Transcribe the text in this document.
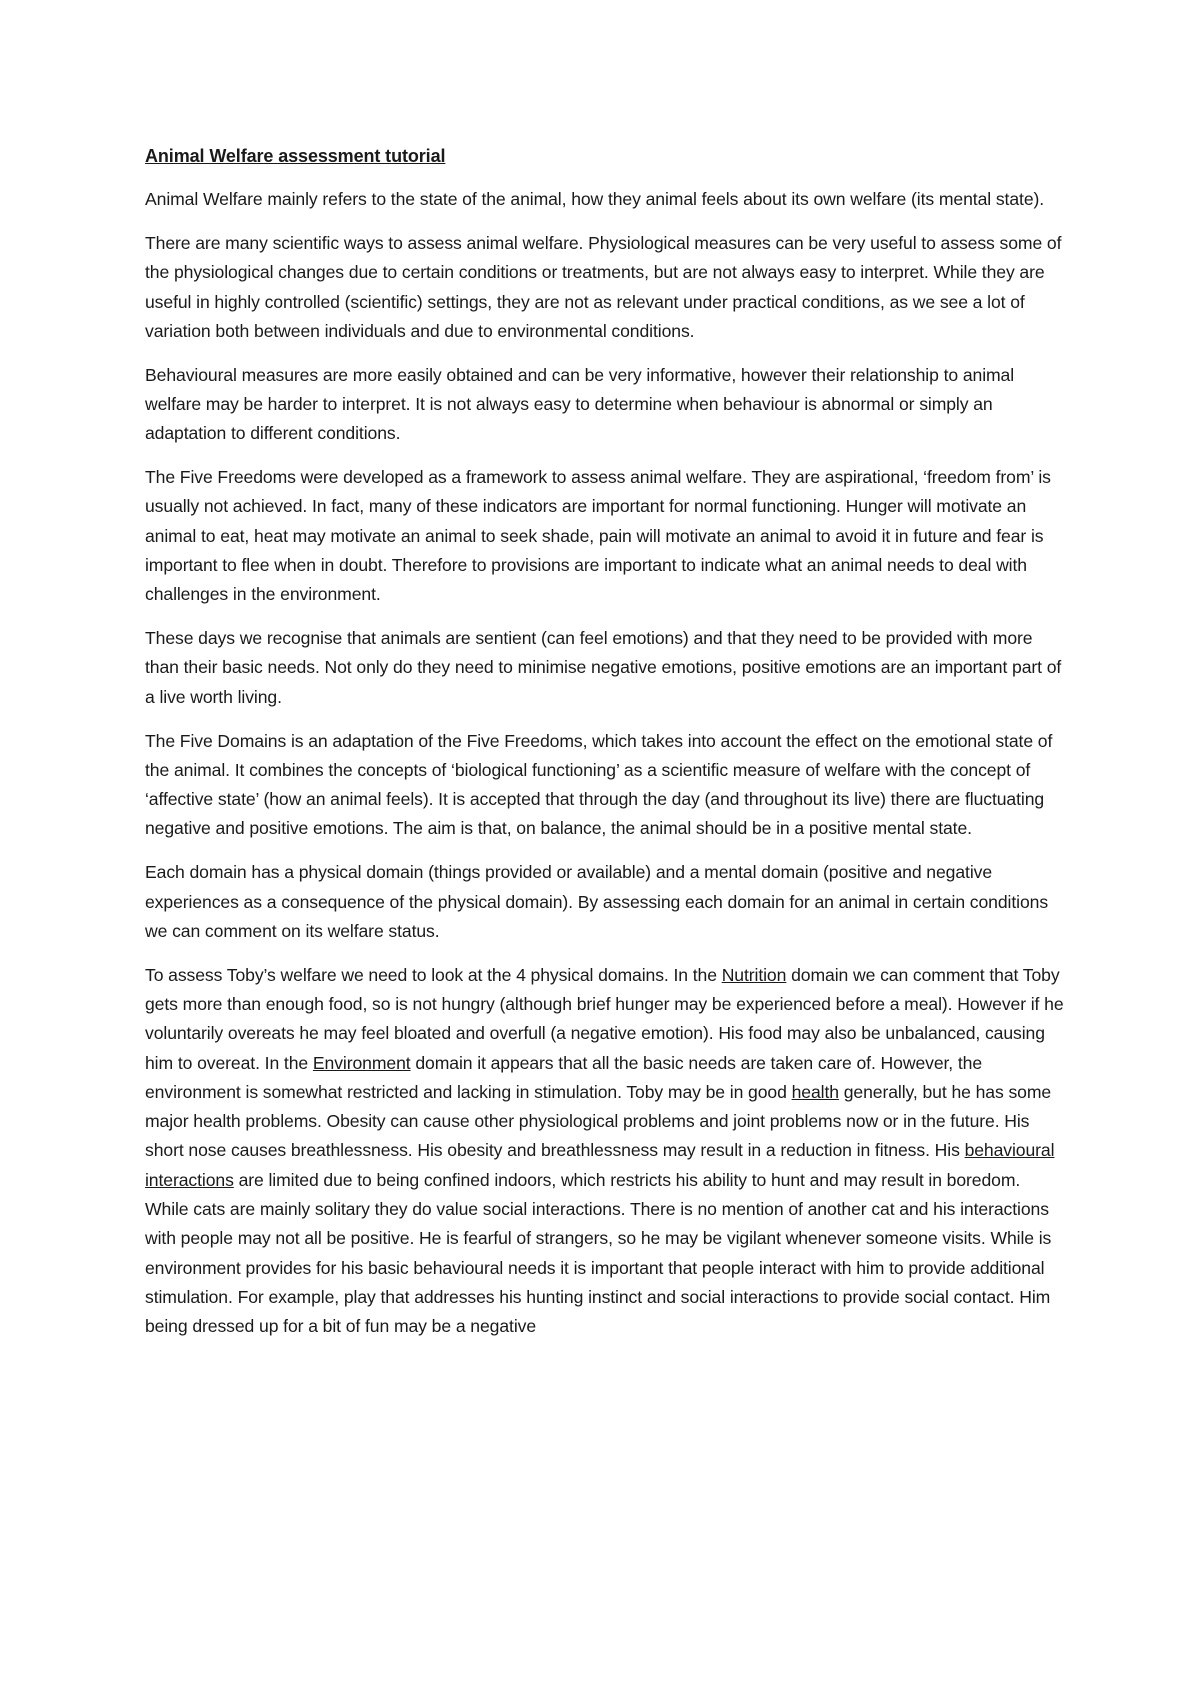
Animal Welfare assessment tutorial

Animal Welfare mainly refers to the state of the animal, how they animal feels about its own welfare (its mental state).

There are many scientific ways to assess animal welfare. Physiological measures can be very useful to assess some of the physiological changes due to certain conditions or treatments, but are not always easy to interpret. While they are useful in highly controlled (scientific) settings, they are not as relevant under practical conditions, as we see a lot of variation both between individuals and due to environmental conditions.

Behavioural measures are more easily obtained and can be very informative, however their relationship to animal welfare may be harder to interpret. It is not always easy to determine when behaviour is abnormal or simply an adaptation to different conditions.

The Five Freedoms were developed as a framework to assess animal welfare. They are aspirational, ‘freedom from’ is usually not achieved. In fact, many of these indicators are important for normal functioning. Hunger will motivate an animal to eat, heat may motivate an animal to seek shade, pain will motivate an animal to avoid it in future and fear is important to flee when in doubt. Therefore to provisions are important to indicate what an animal needs to deal with challenges in the environment.

These days we recognise that animals are sentient (can feel emotions) and that they need to be provided with more than their basic needs. Not only do they need to minimise negative emotions, positive emotions are an important part of a live worth living.

The Five Domains is an adaptation of the Five Freedoms, which takes into account the effect on the emotional state of the animal. It combines the concepts of ‘biological functioning’ as a scientific measure of welfare with the concept of ‘affective state’ (how an animal feels). It is accepted that through the day (and throughout its live) there are fluctuating negative and positive emotions. The aim is that, on balance, the animal should be in a positive mental state.

Each domain has a physical domain (things provided or available) and a mental domain (positive and negative experiences as a consequence of the physical domain). By assessing each domain for an animal in certain conditions we can comment on its welfare status.

To assess Toby’s welfare we need to look at the 4 physical domains. In the Nutrition domain we can comment that Toby gets more than enough food, so is not hungry (although brief hunger may be experienced before a meal). However if he voluntarily overeats he may feel bloated and overfull (a negative emotion). His food may also be unbalanced, causing him to overeat. In the Environment domain it appears that all the basic needs are taken care of. However, the environment is somewhat restricted and lacking in stimulation. Toby may be in good health generally, but he has some major health problems. Obesity can cause other physiological problems and joint problems now or in the future. His short nose causes breathlessness. His obesity and breathlessness may result in a reduction in fitness. His behavioural interactions are limited due to being confined indoors, which restricts his ability to hunt and may result in boredom. While cats are mainly solitary they do value social interactions. There is no mention of another cat and his interactions with people may not all be positive. He is fearful of strangers, so he may be vigilant whenever someone visits. While is environment provides for his basic behavioural needs it is important that people interact with him to provide additional stimulation. For example, play that addresses his hunting instinct and social interactions to provide social contact. Him being dressed up for a bit of fun may be a negative
